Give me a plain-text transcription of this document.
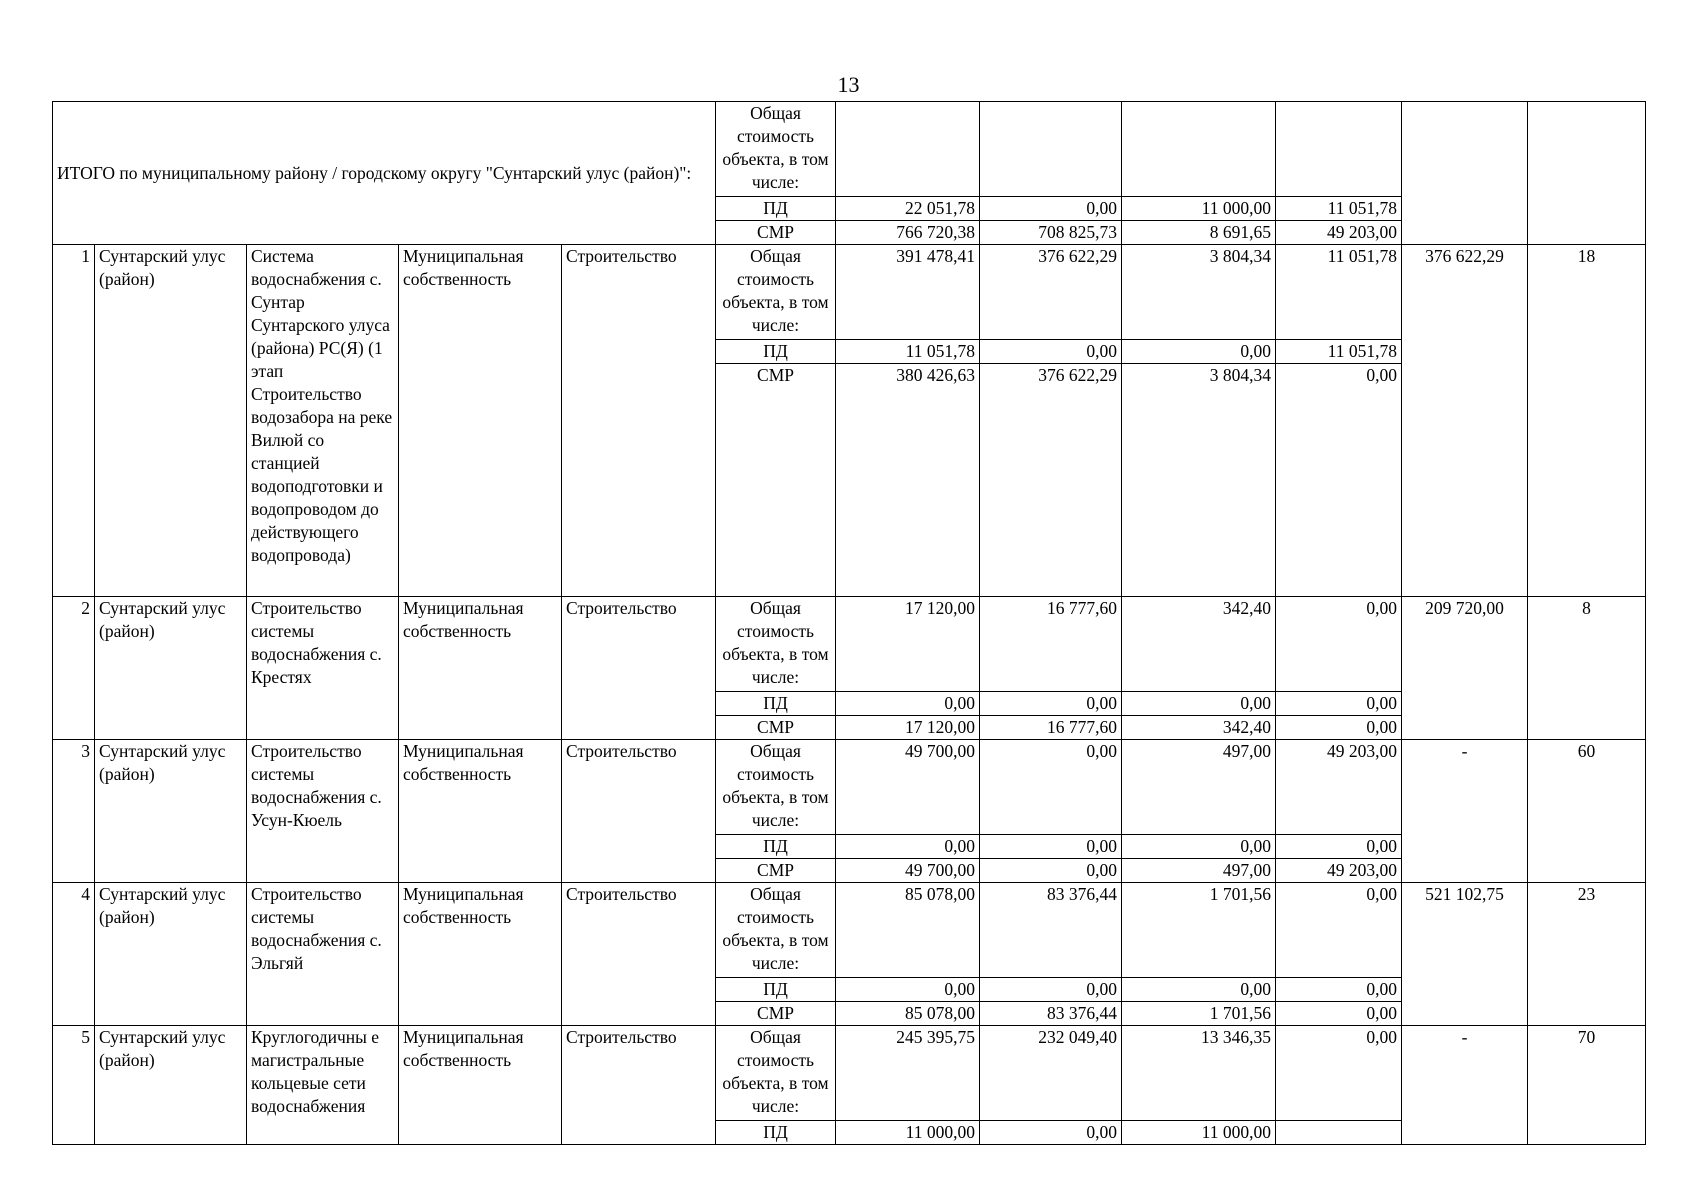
13
ИТОГО по муниципальному району / городскому округу "Сунтарский улус (район)":					Общая стоимость объекта, в том числе:						
					ПД	22 051,78	0,00	11 000,00	11 051,78		
					СМР	766 720,38	708 825,73	8 691,65	49 203,00		
1	Сунтарский улус (район)	Система водоснабжения с. Сунтар Сунтарского улуса (района) РС(Я) (1 этап Строительство водозабора на реке Вилюй со станцией водоподготовки и водопроводом до действующего водопровода)	Муниципальная собственность	Строительство	Общая стоимость объекта, в том числе:	391 478,41	376 622,29	3 804,34	11 051,78	376 622,29	18
					ПД	11 051,78	0,00	0,00	11 051,78		
					СМР	380 426,63	376 622,29	3 804,34	0,00		
2	Сунтарский улус (район)	Строительство системы водоснабжения с. Крестях	Муниципальная собственность	Строительство	Общая стоимость объекта, в том числе:	17 120,00	16 777,60	342,40	0,00	209 720,00	8
					ПД	0,00	0,00	0,00	0,00		
					СМР	17 120,00	16 777,60	342,40	0,00		
3	Сунтарский улус (район)	Строительство системы водоснабжения с. Усун-Кюель	Муниципальная собственность	Строительство	Общая стоимость объекта, в том числе:	49 700,00	0,00	497,00	49 203,00	-	60
					ПД	0,00	0,00	0,00	0,00		
					СМР	49 700,00	0,00	497,00	49 203,00		
4	Сунтарский улус (район)	Строительство системы водоснабжения с. Эльгяй	Муниципальная собственность	Строительство	Общая стоимость объекта, в том числе:	85 078,00	83 376,44	1 701,56	0,00	521 102,75	23
					ПД	0,00	0,00	0,00	0,00		
					СМР	85 078,00	83 376,44	1 701,56	0,00		
5	Сунтарский улус (район)	Круглогодичны е магистральные кольцевые сети водоснабжения	Муниципальная собственность	Строительство	Общая стоимость объекта, в том числе:	245 395,75	232 049,40	13 346,35	0,00	-	70
					ПД	11 000,00	0,00	11 000,00			
